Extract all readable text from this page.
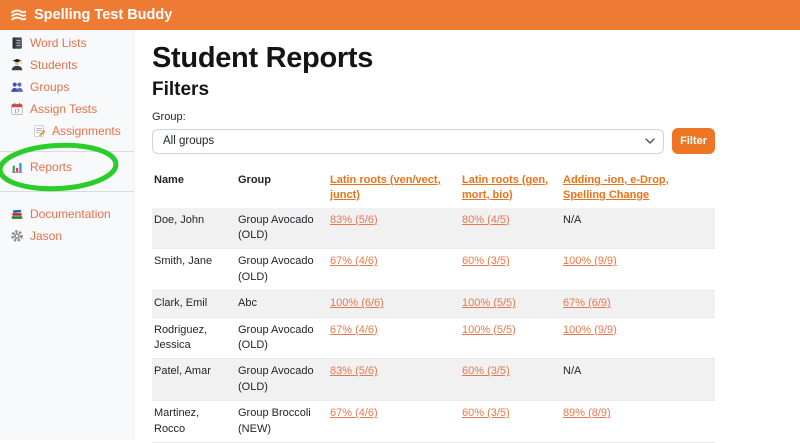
Spelling Test Buddy
Word Lists
Students
Groups
17 Assign Tests
Assignments
Reports
Documentation
Jason
Student Reports
Filters
Group:
All groups
Filter
Name	Group	Latin roots (ven/vect, junct)	Latin roots (gen, mort, bio)	Adding -ion, e-Drop, Spelling Change
Doe, John	Group Avocado (OLD)	83% (5/6)	80% (4/5)	N/A
Smith, Jane	Group Avocado (OLD)	67% (4/6)	60% (3/5)	100% (9/9)
Clark, Emil	Abc	100% (6/6)	100% (5/5)	67% (6/9)
Rodriguez, Jessica	Group Avocado (OLD)	67% (4/6)	100% (5/5)	100% (9/9)
Patel, Amar	Group Avocado (OLD)	83% (5/6)	60% (3/5)	N/A
Martinez, Rocco	Group Broccoli (NEW)	67% (4/6)	60% (3/5)	89% (8/9)
